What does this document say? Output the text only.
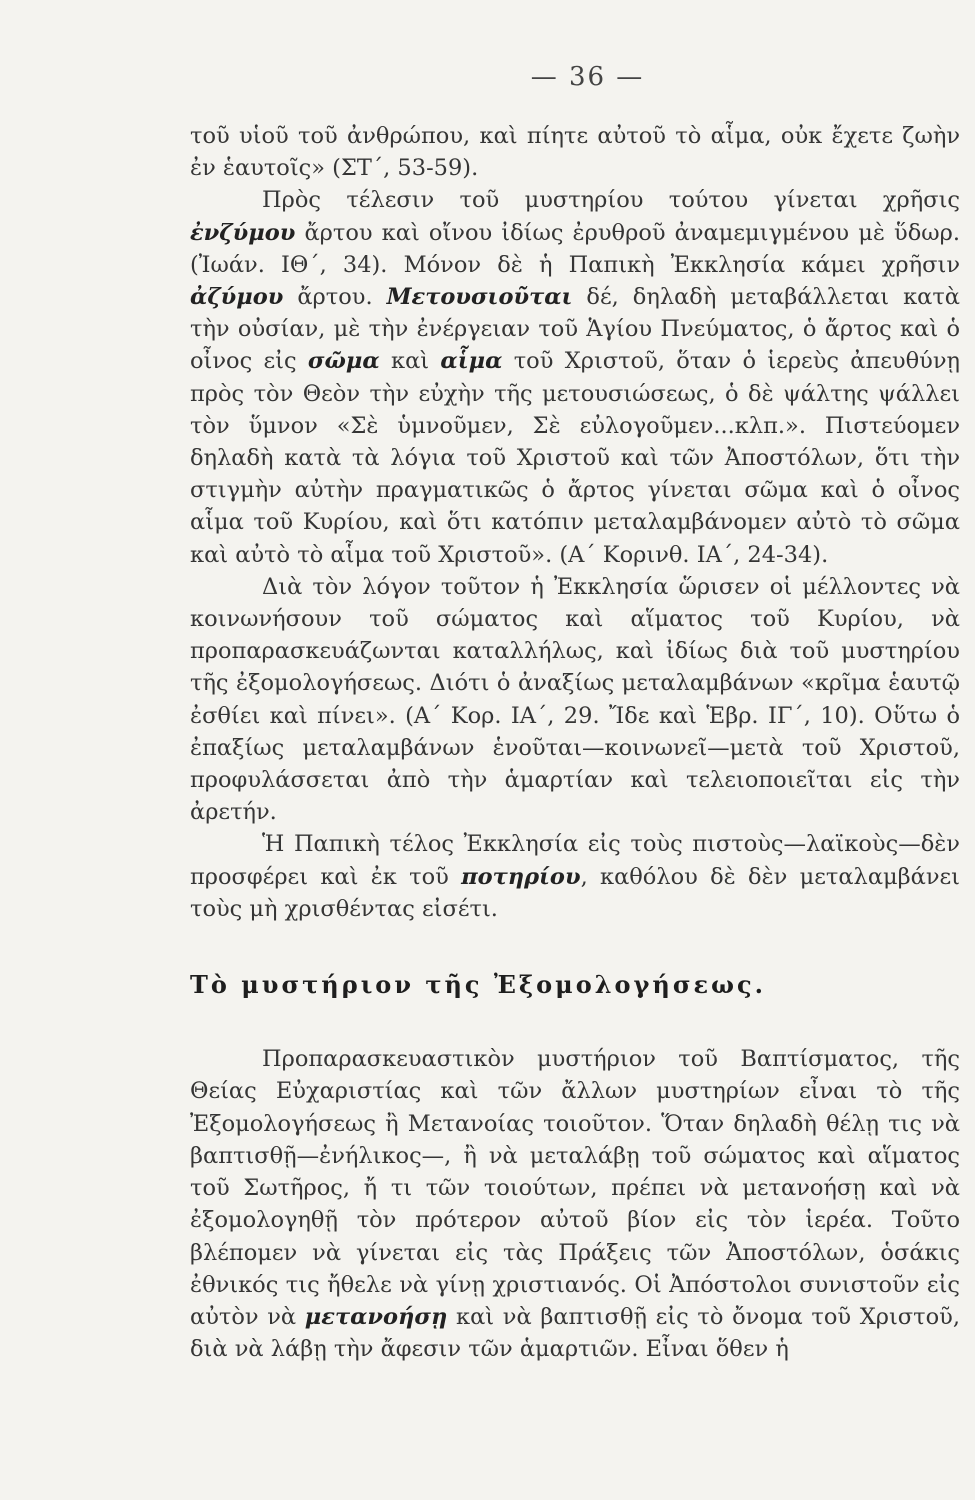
— 36 —

τοῦ υἱοῦ τοῦ ἀνθρώπου, καὶ πίητε αὐτοῦ τὸ αἷμα, οὐκ ἔχετε ζωὴν ἐν ἑαυτοῖς» (ΣΤ΄, 53-59).

Πρὸς τέλεσιν τοῦ μυστηρίου τούτου γίνεται χρῆσις ἐνζύμου ἄρτου καὶ οἴνου ἰδίως ἐρυθροῦ ἀναμεμιγμένου μὲ ὕδωρ. (Ἰωάν. ΙΘ΄, 34). Μόνον δὲ ἡ Παπικὴ Ἐκκλησία κάμει χρῆσιν ἀζύμου ἄρτου. Μετουσιοῦται δέ, δηλαδὴ μεταβάλλεται κατὰ τὴν οὐσίαν, μὲ τὴν ἐνέργειαν τοῦ Ἁγίου Πνεύματος, ὁ ἄρτος καὶ ὁ οἶνος εἰς σῶμα καὶ αἷμα τοῦ Χριστοῦ, ὅταν ὁ ἱερεὺς ἀπευθύνῃ πρὸς τὸν Θεὸν τὴν εὐχὴν τῆς μετουσιώσεως, ὁ δὲ ψάλτης ψάλλει τὸν ὕμνον «Σὲ ὑμνοῦμεν, Σὲ εὐλογοῦμεν...κλπ.». Πιστεύομεν δηλαδὴ κατὰ τὰ λόγια τοῦ Χριστοῦ καὶ τῶν Ἀποστόλων, ὅτι τὴν στιγμὴν αὐτὴν πραγματικῶς ὁ ἄρτος γίνεται σῶμα καὶ ὁ οἶνος αἷμα τοῦ Κυρίου, καὶ ὅτι κατόπιν μεταλαμβάνομεν αὐτὸ τὸ σῶμα καὶ αὐτὸ τὸ αἷμα τοῦ Χριστοῦ». (Α΄ Κορινθ. ΙΑ΄, 24-34).

Διὰ τὸν λόγον τοῦτον ἡ Ἐκκλησία ὥρισεν οἱ μέλλοντες νὰ κοινωνήσουν τοῦ σώματος καὶ αἵματος τοῦ Κυρίου, νὰ προπαρασκευάζωνται καταλλήλως, καὶ ἰδίως διὰ τοῦ μυστηρίου τῆς ἐξομολογήσεως. Διότι ὁ ἀναξίως μεταλαμβάνων «κρῖμα ἑαυτῷ ἐσθίει καὶ πίνει». (Α΄ Κορ. ΙΑ΄, 29. Ἴδε καὶ Ἑβρ. ΙΓ΄, 10). Οὕτω ὁ ἐπαξίως μεταλαμβάνων ἑνοῦται—κοινωνεῖ—μετὰ τοῦ Χριστοῦ, προφυλάσσεται ἀπὸ τὴν ἁμαρτίαν καὶ τελειοποιεῖται εἰς τὴν ἀρετήν.

Ἡ Παπικὴ τέλος Ἐκκλησία εἰς τοὺς πιστοὺς—λαϊκοὺς—δὲν προσφέρει καὶ ἐκ τοῦ ποτηρίου, καθόλου δὲ δὲν μεταλαμβάνει τοὺς μὴ χρισθέντας εἰσέτι.

Τὸ μυστήριον τῆς Ἐξομολογήσεως.

Προπαρασκευαστικὸν μυστήριον τοῦ Βαπτίσματος, τῆς Θείας Εὐχαριστίας καὶ τῶν ἄλλων μυστηρίων εἶναι τὸ τῆς Ἐξομολογήσεως ἢ Μετανοίας τοιοῦτον. Ὅταν δηλαδὴ θέλῃ τις νὰ βαπτισθῇ—ἐνήλικος—, ἢ νὰ μεταλάβῃ τοῦ σώματος καὶ αἵματος τοῦ Σωτῆρος, ἤ τι τῶν τοιούτων, πρέπει νὰ μετανοήσῃ καὶ νὰ ἐξομολογηθῇ τὸν πρότερον αὐτοῦ βίον εἰς τὸν ἱερέα. Τοῦτο βλέπομεν νὰ γίνεται εἰς τὰς Πράξεις τῶν Ἀποστόλων, ὁσάκις ἐθνικός τις ἤθελε νὰ γίνῃ χριστιανός. Οἱ Ἀπόστολοι συνιστοῦν εἰς αὐτὸν νὰ μετανοήσῃ καὶ νὰ βαπτισθῇ εἰς τὸ ὄνομα τοῦ Χριστοῦ, διὰ νὰ λάβῃ τὴν ἄφεσιν τῶν ἁμαρτιῶν. Εἶναι ὅθεν ἡ
